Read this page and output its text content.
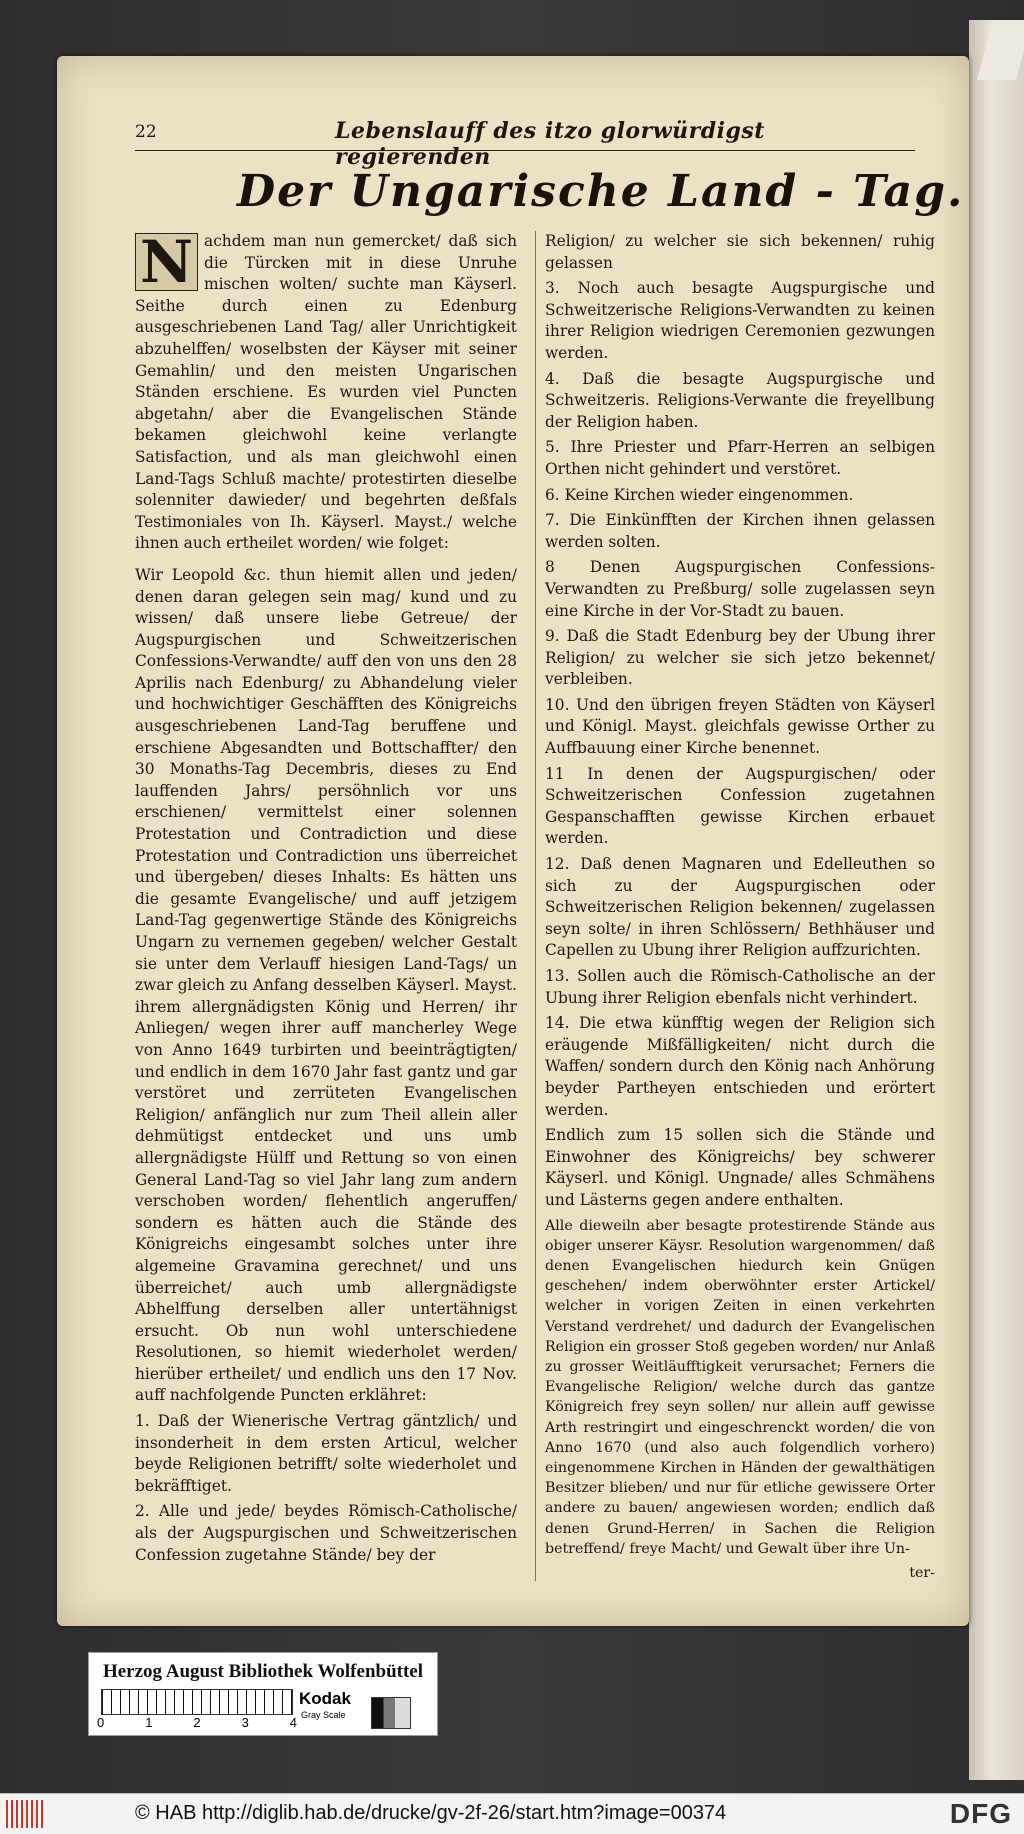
22	Lebenslauff des itzo glorwürdigst regierenden
Der Ungarische Land - Tag.

N achdem man nun gemercket/ daß sich die Türcken mit in diese Unruhe mischen wolten/ suchte man Käyserl. Seithe durch einen zu Edenburg ausgeschriebenen Land Tag/ aller Unrichtigkeit abzuhelffen/ woselbsten der Käyser mit seiner Gemahlin/ und den meisten Ungarischen Ständen erschiene. Es wurden viel Puncten abgetahn/ aber die Evangelischen Stände bekamen gleichwohl keine verlangte Satisfaction, und als man gleichwohl einen Land-Tags Schluß machte/ protestirten dieselbe solenniter dawieder/ und begehrten deßfals Testimoniales von Ih. Käyserl. Mayst./ welche ihnen auch ertheilet worden/ wie folget:

Wir Leopold &c. thun hiemit allen und jeden/ denen daran gelegen sein mag/ kund und zu wissen/ daß unsere liebe Getreue/ der Augspurgischen und Schweitzerischen Confessions-Verwandte/ auff den von uns den 28 Aprilis nach Edenburg/ zu Abhandelung vieler und hochwichtiger Geschäfften des Königreichs ausgeschriebenen Land-Tag beruffene und erschiene Abgesandten und Bottschaffter/ den 30 Monaths-Tag Decembris, dieses zu End lauffenden Jahrs/ persöhnlich vor uns erschienen/ vermittelst einer solennen Protestation und Contradiction und diese Protestation und Contradiction uns überreichet und übergeben/ dieses Inhalts: Es hätten uns die gesamte Evangelische/ und auff jetzigem Land-Tag gegenwertige Stände des Königreichs Ungarn zu vernemen gegeben/ welcher Gestalt sie unter dem Verlauff hiesigen Land-Tags/ un zwar gleich zu Anfang desselben Käyserl. Mayst. ihrem allergnädigsten König und Herren/ ihr Anliegen/ wegen ihrer auff mancherley Wege von Anno 1649 turbirten und beeinträgtigten/ und endlich in dem 1670 Jahr fast gantz und gar verstöret und zerrüteten Evangelischen Religion/ anfänglich nur zum Theil allein aller dehmütigst entdecket und uns umb allergnädigste Hülff und Rettung so von einen General Land-Tag so viel Jahr lang zum andern verschoben worden/ flehentlich angeruffen/ sondern es hätten auch die Stände des Königreichs eingesambt solches unter ihre algemeine Gravamina gerechnet/ und uns überreichet/ auch umb allergnädigste Abhelffung derselben aller untertähnigst ersucht. Ob nun wohl unterschiedene Resolutionen, so hiemit wiederholet werden/ hierüber ertheilet/ und endlich uns den 17 Nov. auff nachfolgende Puncten erklähret:

1. Daß der Wienerische Vertrag gäntzlich/ und insonderheit in dem ersten Articul, welcher beyde Religionen betrifft/ solte wiederholet und bekräfftiget.

2. Alle und jede/ beydes Römisch-Catholische/ als der Augspurgischen und Schweitzerischen Confession zugetahne Stände/ bey der

Religion/ zu welcher sie sich bekennen/ ruhig gelassen

3. Noch auch besagte Augspurgische und Schweitzerische Religions-Verwandten zu keinen ihrer Religion wiedrigen Ceremonien gezwungen werden.

4. Daß die besagte Augspurgische und Schweitzeris. Religions-Verwante die freyellbung der Religion haben.

5. Ihre Priester und Pfarr-Herren an selbigen Orthen nicht gehindert und verstöret.

6. Keine Kirchen wieder eingenommen.

7. Die Einkünfften der Kirchen ihnen gelassen werden solten.

8 Denen Augspurgischen Confessions-Verwandten zu Preßburg/ solle zugelassen seyn eine Kirche in der Vor-Stadt zu bauen.

9. Daß die Stadt Edenburg bey der Ubung ihrer Religion/ zu welcher sie sich jetzo bekennet/ verbleiben.

10. Und den übrigen freyen Städten von Käyserl und Königl. Mayst. gleichfals gewisse Orther zu Auffbauung einer Kirche benennet.

11 In denen der Augspurgischen/ oder Schweitzerischen Confession zugetahnen Gespanschafften gewisse Kirchen erbauet werden.

12. Daß denen Magnaren und Edelleuthen so sich zu der Augspurgischen oder Schweitzerischen Religion bekennen/ zugelassen seyn solte/ in ihren Schlössern/ Bethhäuser und Capellen zu Ubung ihrer Religion auffzurichten.

13. Sollen auch die Römisch-Catholische an der Ubung ihrer Religion ebenfals nicht verhindert.

14. Die etwa künfftig wegen der Religion sich eräugende Mißfälligkeiten/ nicht durch die Waffen/ sondern durch den König nach Anhörung beyder Partheyen entschieden und erörtert werden.

Endlich zum 15 sollen sich die Stände und Einwohner des Königreichs/ bey schwerer Käyserl. und Königl. Ungnade/ alles Schmähens und Lästerns gegen andere enthalten.

Alle dieweiln aber besagte protestirende Stände aus obiger unserer Käysr. Resolution wargenommen/ daß denen Evangelischen hiedurch kein Gnügen geschehen/ indem oberwöhnter erster Artickel/ welcher in vorigen Zeiten in einen verkehrten Verstand verdrehet/ und dadurch der Evangelischen Religion ein grosser Stoß gegeben worden/ nur Anlaß zu grosser Weitläufftigkeit verursachet; Ferners die Evangelische Religion/ welche durch das gantze Königreich frey seyn sollen/ nur allein auff gewisse Arth restringirt und eingeschrenckt worden/ die von Anno 1670 (und also auch folgendlich vorhero) eingenommene Kirchen in Händen der gewalthätigen Besitzer blieben/ und nur für etliche gewissere Orter andere zu bauen/ angewiesen worden; endlich daß denen Grund-Herren/ in Sachen die Religion betreffend/ freye Macht/ und Gewalt über ihre Un-

ter-

Herzog August Bibliothek Wolfenbüttel
0	1	2	3	4
Kodak
Gray Scale
© HAB http://diglib.hab.de/drucke/gv-2f-26/start.htm?image=00374	DFG
